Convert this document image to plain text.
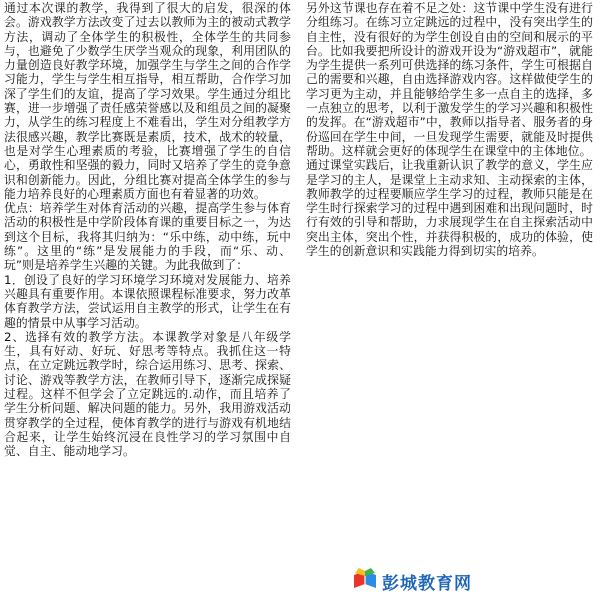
通过本次课的教学，我得到了很大的启发，很深的体会。游戏教学方法改变了过去以教师为主的被动式教学方法，调动了全体学生的积极性，全体学生的共同参与，也避免了少数学生厌学当观众的现象，利用团队的力量创造良好教学环境，加强学生与学生之间的合作学习能力，学生与学生相互指导，相互帮助，合作学习加深了学生们的友谊，提高了学习效果。学生通过分组比赛，进一步增强了责任感荣誉感以及和组员之间的凝聚力，从学生的练习程度上不难看出，学生对分组教学方法很感兴趣，教学比赛既是素质，技术，战术的较量，也是对学生心理素质的考验，比赛增强了学生的自信心，勇敢性和坚强的毅力，同时又培养了学生的竞争意识和创新能力。因此，分组比赛对提高全体学生的参与能力培养良好的心理素质方面也有着显著的功效。

优点：培养学生对体育活动的兴趣，提高学生参与体育活动的积极性是中学阶段体育课的重要目标之一，为达到这个目标，我将其归纳为：“乐中练，动中练，玩中练”。这里的“练”是发展能力的手段，而“乐、动、玩”则是培养学生兴趣的关键。为此我做到了：

1．创设了良好的学习环境学习环境对发展能力、培养兴趣具有重要作用。本课依照课程标准要求，努力改革体育教学方法，尝试运用自主教学的形式，让学生在有趣的情景中从事学习活动。

2、选择有效的教学方法。本课教学对象是八年级学生，具有好动、好玩、好思考等特点。我抓住这一特点，在立定跳远教学时，综合运用练习、思考、探索、讨论、游戏等教学方法，在教师引导下，逐渐完成探疑过程。这样不但学会了立定跳远的.动作，而且培养了学生分析问题、解决问题的能力。另外，我用游戏活动贯穿教学的全过程，使体育教学的进行与游戏有机地结合起来，让学生始终沉浸在良性学习的学习氛围中自觉、自主、能动地学习。

另外这节课也存在着不足之处：这节课中学生没有进行分组练习。在练习立定跳远的过程中，没有突出学生的自主性，没有很好的为学生创设自由的空间和展示的平台。比如我要把所设计的游戏开设为“游戏超市”，就能为学生提供一系列可供选择的练习条件，学生可根据自己的需要和兴趣，自由选择游戏内容。这样做使学生的学习更为主动，并且能够给学生多一点自主的选择，多一点独立的思考，以利于激发学生的学习兴趣和积极性的发挥。在“游戏超市”中，教师以指导者、服务者的身份巡回在学生中间，一旦发现学生需要，就能及时提供帮助。这样就会更好的体现学生在课堂中的主体地位。

通过课堂实践后，让我重新认识了教学的意义，学生应是学习的主人，是课堂上主动求知、主动探索的主体，教师教学的过程要顺应学生学习的过程，教师只能是在学生时行探索学习的过程中遇到困难和出现问题时，时行有效的引导和帮助，力求展现学生在自主探索活动中突出主体，突出个性，并获得积极的，成功的体验，使学生的创新意识和实践能力得到切实的培养。

彭城教育网
